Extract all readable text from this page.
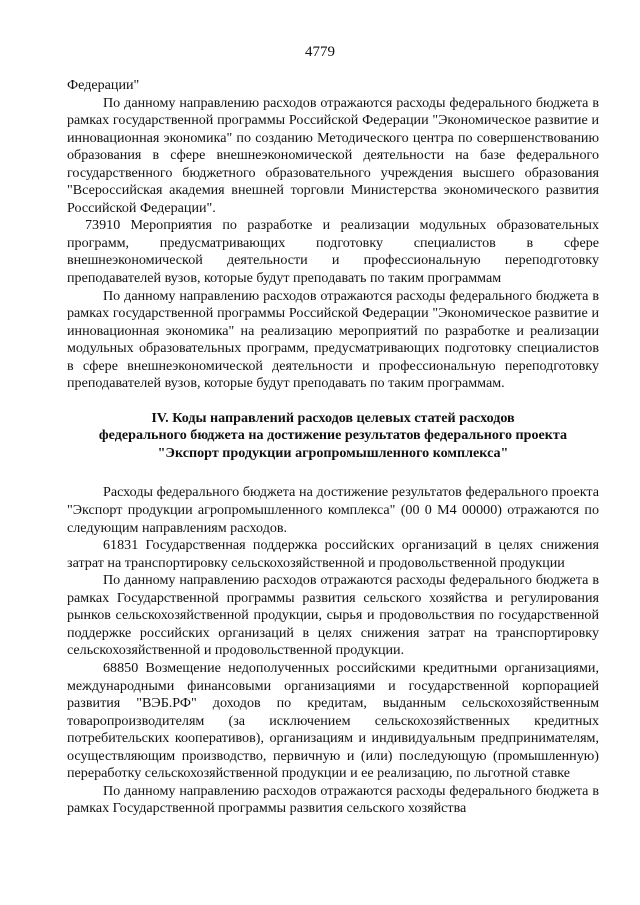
4779

Федерации"

По данному направлению расходов отражаются расходы федерального бюджета в рамках государственной программы Российской Федерации "Экономическое развитие и инновационная экономика" по созданию Методического центра по совершенствованию образования в сфере внешнеэкономической деятельности на базе федерального государственного бюджетного образовательного учреждения высшего образования "Всероссийская академия внешней торговли Министерства экономического развития Российской Федерации".

73910 Мероприятия по разработке и реализации модульных образовательных программ, предусматривающих подготовку специалистов в сфере внешнеэкономической деятельности и профессиональную переподготовку преподавателей вузов, которые будут преподавать по таким программам

По данному направлению расходов отражаются расходы федерального бюджета в рамках государственной программы Российской Федерации "Экономическое развитие и инновационная экономика" на реализацию мероприятий по разработке и реализации модульных образовательных программ, предусматривающих подготовку специалистов в сфере внешнеэкономической деятельности и профессиональную переподготовку преподавателей вузов, которые будут преподавать по таким программам.

IV. Коды направлений расходов целевых статей расходов
федерального бюджета на достижение результатов федерального проекта
"Экспорт продукции агропромышленного комплекса"

Расходы федерального бюджета на достижение результатов федерального проекта "Экспорт продукции агропромышленного комплекса" (00 0 М4 00000) отражаются по следующим направлениям расходов.

61831 Государственная поддержка российских организаций в целях снижения затрат на транспортировку сельскохозяйственной и продовольственной продукции

По данному направлению расходов отражаются расходы федерального бюджета в рамках Государственной программы развития сельского хозяйства и регулирования рынков сельскохозяйственной продукции, сырья и продовольствия по государственной поддержке российских организаций в целях снижения затрат на транспортировку сельскохозяйственной и продовольственной продукции.

68850 Возмещение недополученных российскими кредитными организациями, международными финансовыми организациями и государственной корпорацией развития "ВЭБ.РФ" доходов по кредитам, выданным сельскохозяйственным товаропроизводителям (за исключением сельскохозяйственных кредитных потребительских кооперативов), организациям и индивидуальным предпринимателям, осуществляющим производство, первичную и (или) последующую (промышленную) переработку сельскохозяйственной продукции и ее реализацию, по льготной ставке

По данному направлению расходов отражаются расходы федерального бюджета в рамках Государственной программы развития сельского хозяйства
